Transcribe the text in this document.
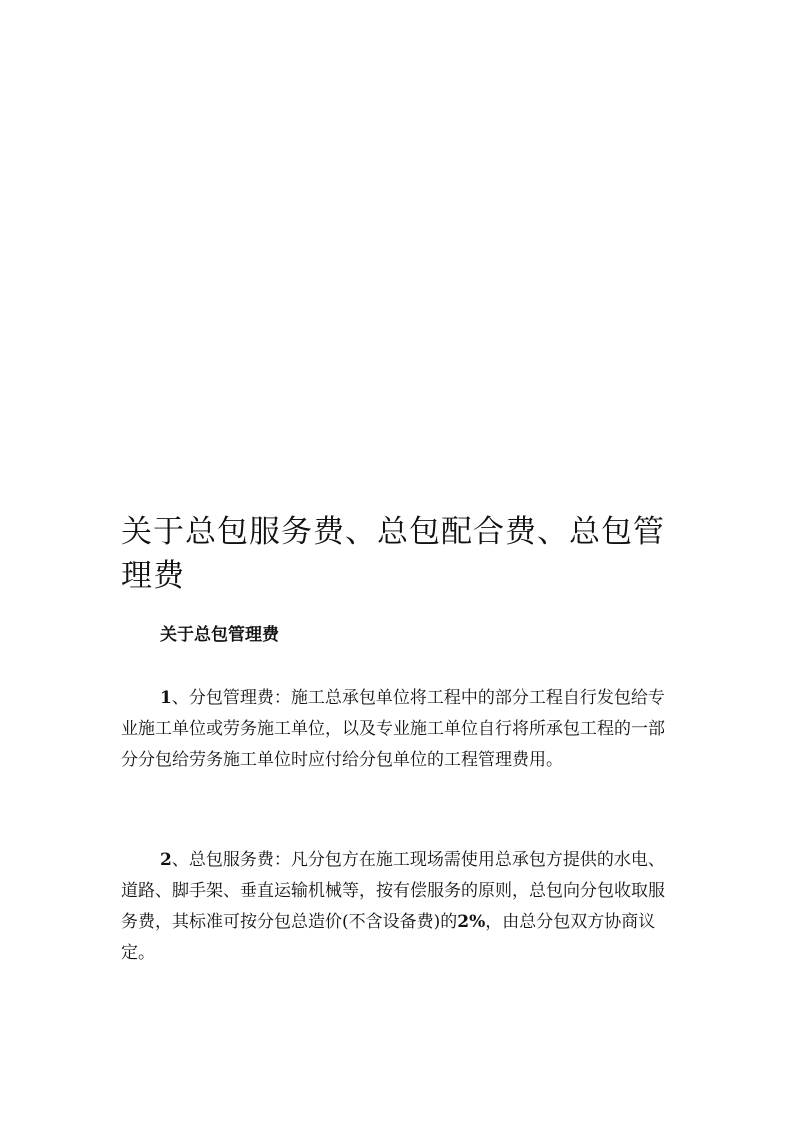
关于总包服务费、总包配合费、总包管理费

关于总包管理费

1、分包管理费：施工总承包单位将工程中的部分工程自行发包给专业施工单位或劳务施工单位，以及专业施工单位自行将所承包工程的一部分分包给劳务施工单位时应付给分包单位的工程管理费用。

2、总包服务费：凡分包方在施工现场需使用总承包方提供的水电、道路、脚手架、垂直运输机械等，按有偿服务的原则，总包向分包收取服务费，其标准可按分包总造价(不含设备费)的2%，由总分包双方协商议定。
